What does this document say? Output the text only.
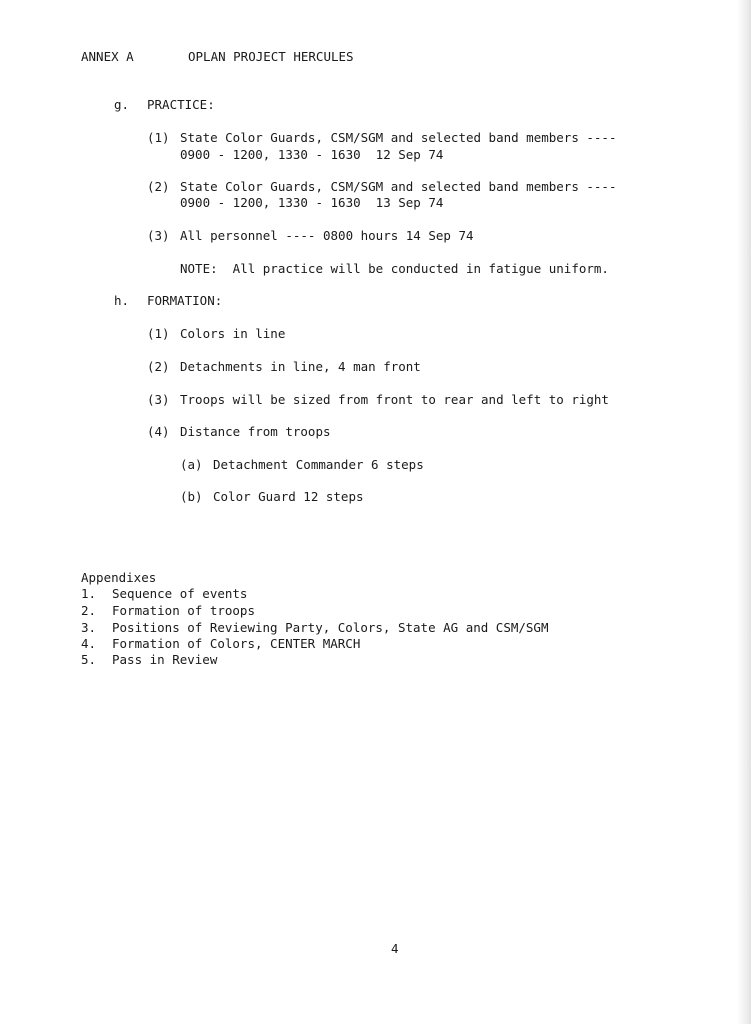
ANNEX A	OPLAN PROJECT HERCULES
g. PRACTICE:
(1) State Color Guards, CSM/SGM and selected band members ----
0900 - 1200, 1330 - 1630  12 Sep 74
(2) State Color Guards, CSM/SGM and selected band members ----
0900 - 1200, 1330 - 1630  13 Sep 74
(3) All personnel ---- 0800 hours 14 Sep 74
NOTE:  All practice will be conducted in fatigue uniform.
h. FORMATION:
(1) Colors in line
(2) Detachments in line, 4 man front
(3) Troops will be sized from front to rear and left to right
(4) Distance from troops
(a) Detachment Commander 6 steps
(b) Color Guard 12 steps
Appendixes
1. Sequence of events
2. Formation of troops
3. Positions of Reviewing Party, Colors, State AG and CSM/SGM
4. Formation of Colors, CENTER MARCH
5. Pass in Review
4
